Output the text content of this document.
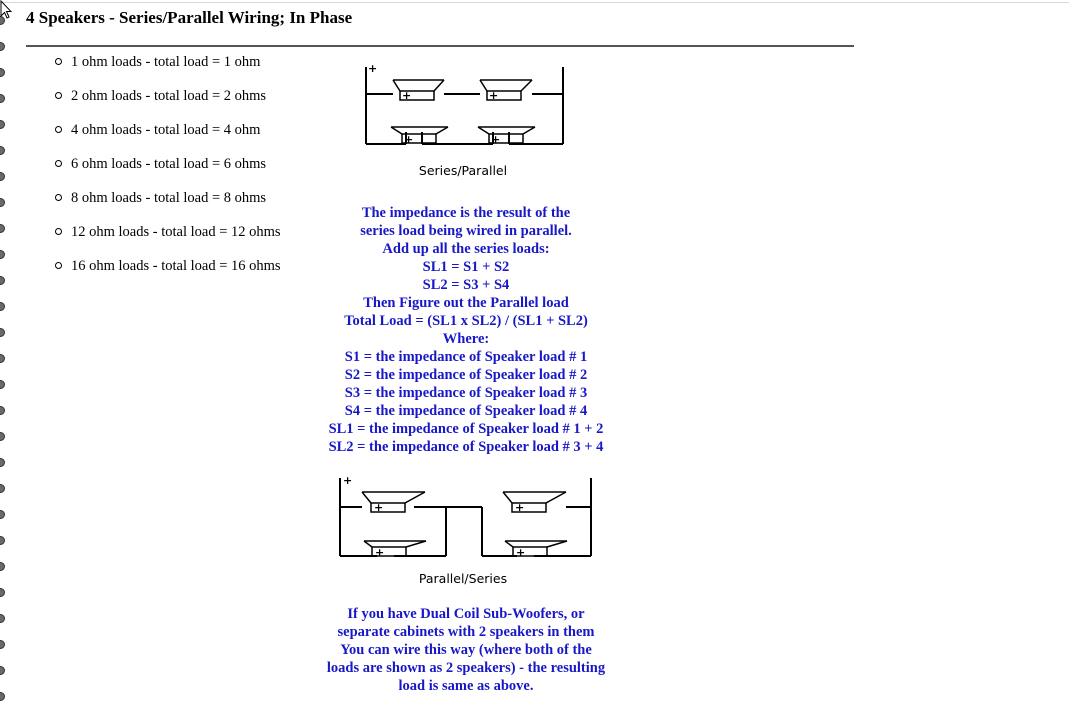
4 Speakers - Series/Parallel Wiring; In Phase
1 ohm loads - total load = 1 ohm
2 ohm loads - total load = 2 ohms
4 ohm loads - total load = 4 ohm
6 ohm loads - total load = 6 ohms
8 ohm loads - total load = 8 ohms
12 ohm loads - total load = 12 ohms
16 ohm loads - total load = 16 ohms
+
+	+
+	+
Series/Parallel
The impedance is the result of the
series load being wired in parallel.
Add up all the series loads:
SL1 = S1 + S2
SL2 = S3 + S4
Then Figure out the Parallel load
Total Load = (SL1 x SL2) / (SL1 + SL2)
Where:
S1 = the impedance of Speaker load # 1
S2 = the impedance of Speaker load # 2
S3 = the impedance of Speaker load # 3
S4 = the impedance of Speaker load # 4
SL1 = the impedance of Speaker load # 1 + 2
SL2 = the impedance of Speaker load # 3 + 4
+
+	+
+	+
Parallel/Series
If you have Dual Coil Sub-Woofers, or
separate cabinets with 2 speakers in them
You can wire this way (where both of the
loads are shown as 2 speakers) - the resulting
load is same as above.
